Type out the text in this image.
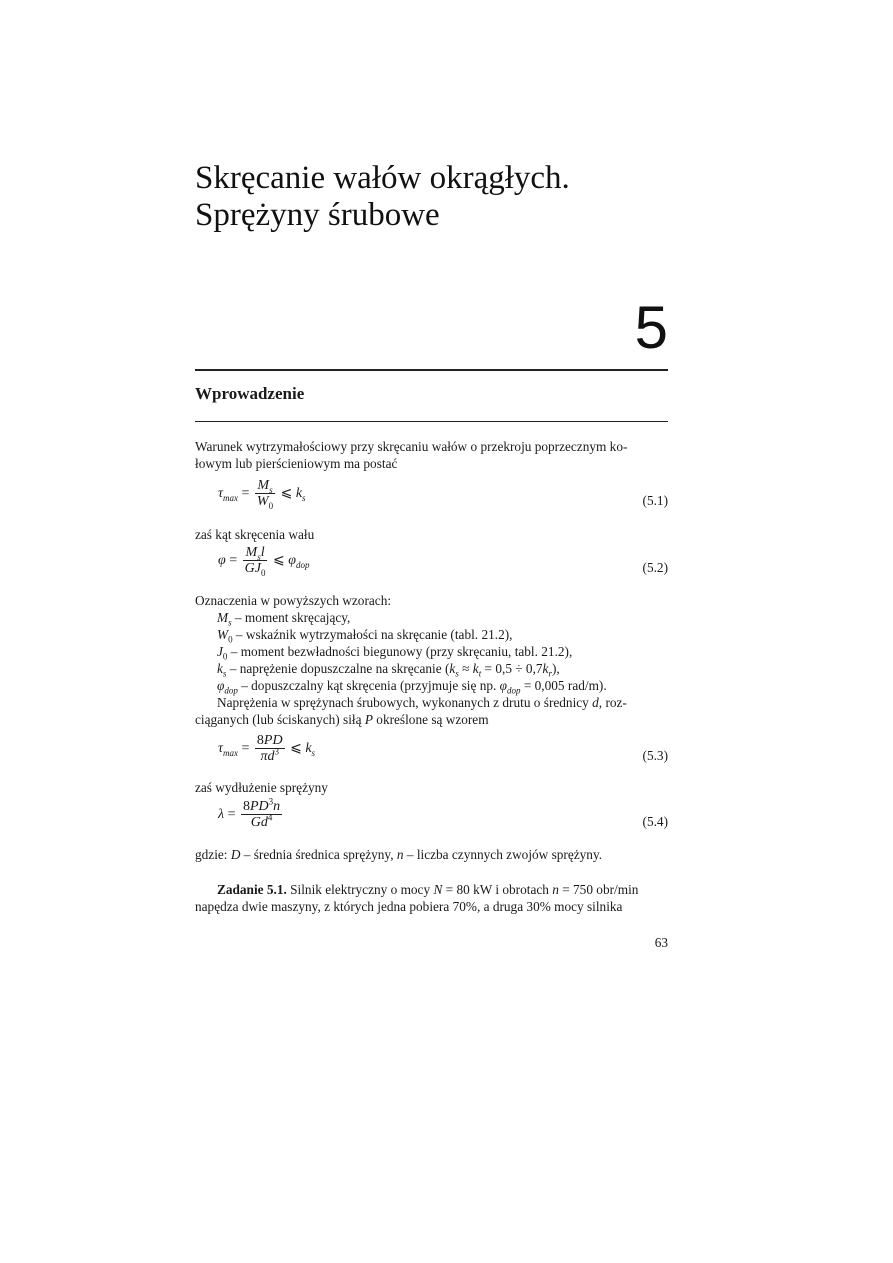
Skręcanie wałów okrągłych.
Sprężyny śrubowe
5
Wprowadzenie
Warunek wytrzymałościowy przy skręcaniu wałów o przekroju poprzecznym ko-
łowym lub pierścieniowym ma postać
$\tau_{max} = \frac{M_s}{W_0}$ ⩽ $k_s$	(5.1)
zaś kąt skręcenia wału
$\varphi = \frac{M_sl}{GJ_0}$ ⩽ $\varphi_{dop}$	(5.2)
Oznaczenia w powyższych wzorach:
$M_s$ – moment skręcający,
$W_0$ – wskaźnik wytrzymałości na skręcanie (tabl. 21.2),
$J_0$ – moment bezwładności biegunowy (przy skręcaniu, tabl. 21.2),
$k_s$ – naprężenie dopuszczalne na skręcanie $(k_s \approx k_t = 0,5 \div 0,7k_r)$,
$\varphi_{dop}$ – dopuszczalny kąt skręcenia (przyjmuje się np. $\varphi_{dop} = 0,005$ rad/m).
Naprężenia w sprężynach śrubowych, wykonanych z drutu o średnicy d, roz-
ciąganych (lub ściskanych) siłą P określone są wzorem
$\tau_{max} = \frac{8PD}{\pi d^3}$ ⩽ $k_s$	(5.3)
zaś wydłużenie sprężyny
$\lambda = \frac{8PD^3n}{Gd^4}$	(5.4)
gdzie: D – średnia średnica sprężyny, n – liczba czynnych zwojów sprężyny.
Zadanie 5.1. Silnik elektryczny o mocy N = 80 kW i obrotach n = 750 obr/min
napędza dwie maszyny, z których jedna pobiera 70%, a druga 30% mocy silnika
63
